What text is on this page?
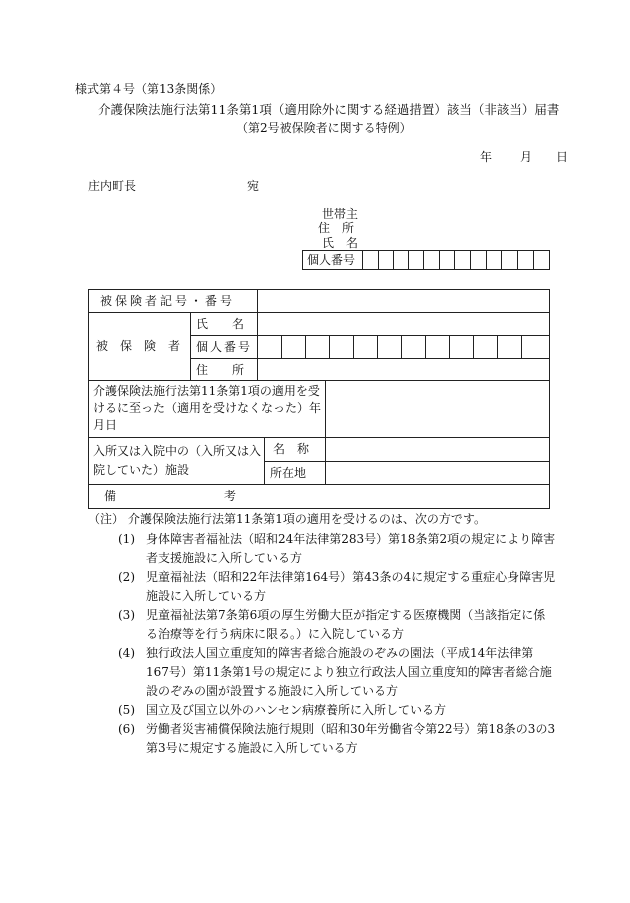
様式第４号（第13条関係）
介護保険法施行法第11条第1項（適用除外に関する経過措置）該当（非該当）届書
（第2号被保険者に関する特例）
年 月 日
庄内町長	宛
世帯主
住　所
氏　名
個人番号
被保険者記号・番号
被　保　険　者
氏　　名
個人番号
住　　所
介護保険法施行法第11条第1項の適用を受けるに至った（適用を受けなくなった）年月日
入所又は入院中の（入所又は入院していた）施設
名　称
所在地
備　　　　　　　　　考
（注） 介護保険法施行法第11条第1項の適用を受けるのは、次の方です。
(1) 身体障害者福祉法（昭和24年法律第283号）第18条第2項の規定により障害者支援施設に入所している方
(2) 児童福祉法（昭和22年法律第164号）第43条の4に規定する重症心身障害児施設に入所している方
(3) 児童福祉法第7条第6項の厚生労働大臣が指定する医療機関（当該指定に係る治療等を行う病床に限る。）に入院している方
(4) 独行政法人国立重度知的障害者総合施設のぞみの園法（平成14年法律第167号）第11条第1号の規定により独立行政法人国立重度知的障害者総合施設のぞみの園が設置する施設に入所している方
(5) 国立及び国立以外のハンセン病療養所に入所している方
(6) 労働者災害補償保険法施行規則（昭和30年労働省令第22号）第18条の3の3第3号に規定する施設に入所している方
